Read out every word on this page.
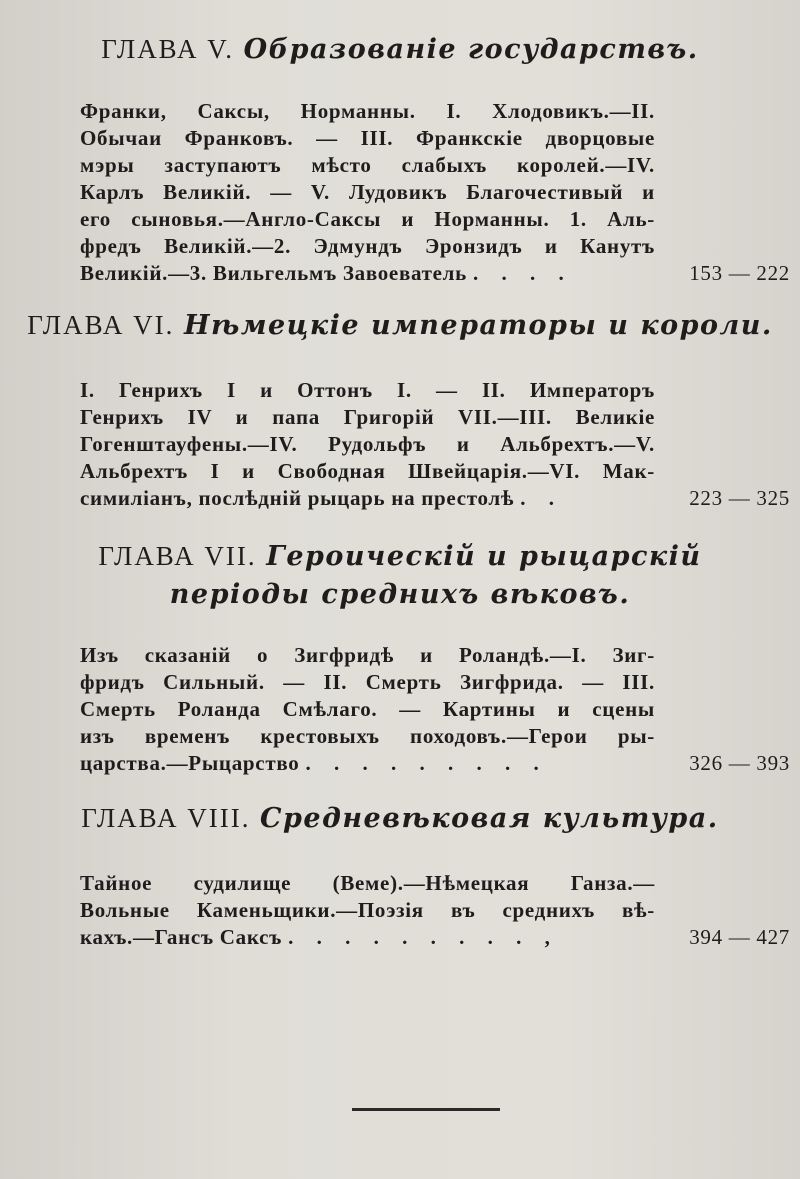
ГЛАВА V. Образованіе государствъ.
Франки, Саксы, Норманны. I. Хлодовикъ.—II.
Обычаи Франковъ. — III. Франкскіе дворцовые
мэры заступаютъ мѣсто слабыхъ королей.—IV.
Карлъ Великій. — V. Лудовикъ Благочестивый и
его сыновья.—Англо-Саксы и Норманны. 1. Аль-
фредъ Великій.—2. Эдмундъ Эронзидъ и Канутъ
Великій.—3. Вильгельмъ Завоеватель . . . .	153 — 222
ГЛАВА VI. Нѣмецкіе императоры и короли.
I. Генрихъ I и Оттонъ I. — II. Императоръ
Генрихъ IV и папа Григорій VII.—III. Великіе
Гогенштауфены.—IV. Рудольфъ и Альбрехтъ.—V.
Альбрехтъ I и Свободная Швейцарія.—VI. Мак-
симиліанъ, послѣдній рыцарь на престолѣ . .	223 — 325
ГЛАВА VII. Героическій и рыцарскій
періоды среднихъ вѣковъ.
Изъ сказаній о Зигфридѣ и Роландѣ.—I. Зиг-
фридъ Сильный. — II. Смерть Зигфрида. — III.
Смерть Роланда Смѣлаго. — Картины и сцены
изъ временъ крестовыхъ походовъ.—Герои ры-
царства.—Рыцарство . . . . . . . . .	326 — 393
ГЛАВА VIII. Средневѣковая культура.
Тайное судилище (Веме).—Нѣмецкая Ганза.—
Вольные Каменьщики.—Поэзія въ среднихъ вѣ-
кахъ.—Гансъ Саксъ . . . . . . . . . ,	394 — 427
